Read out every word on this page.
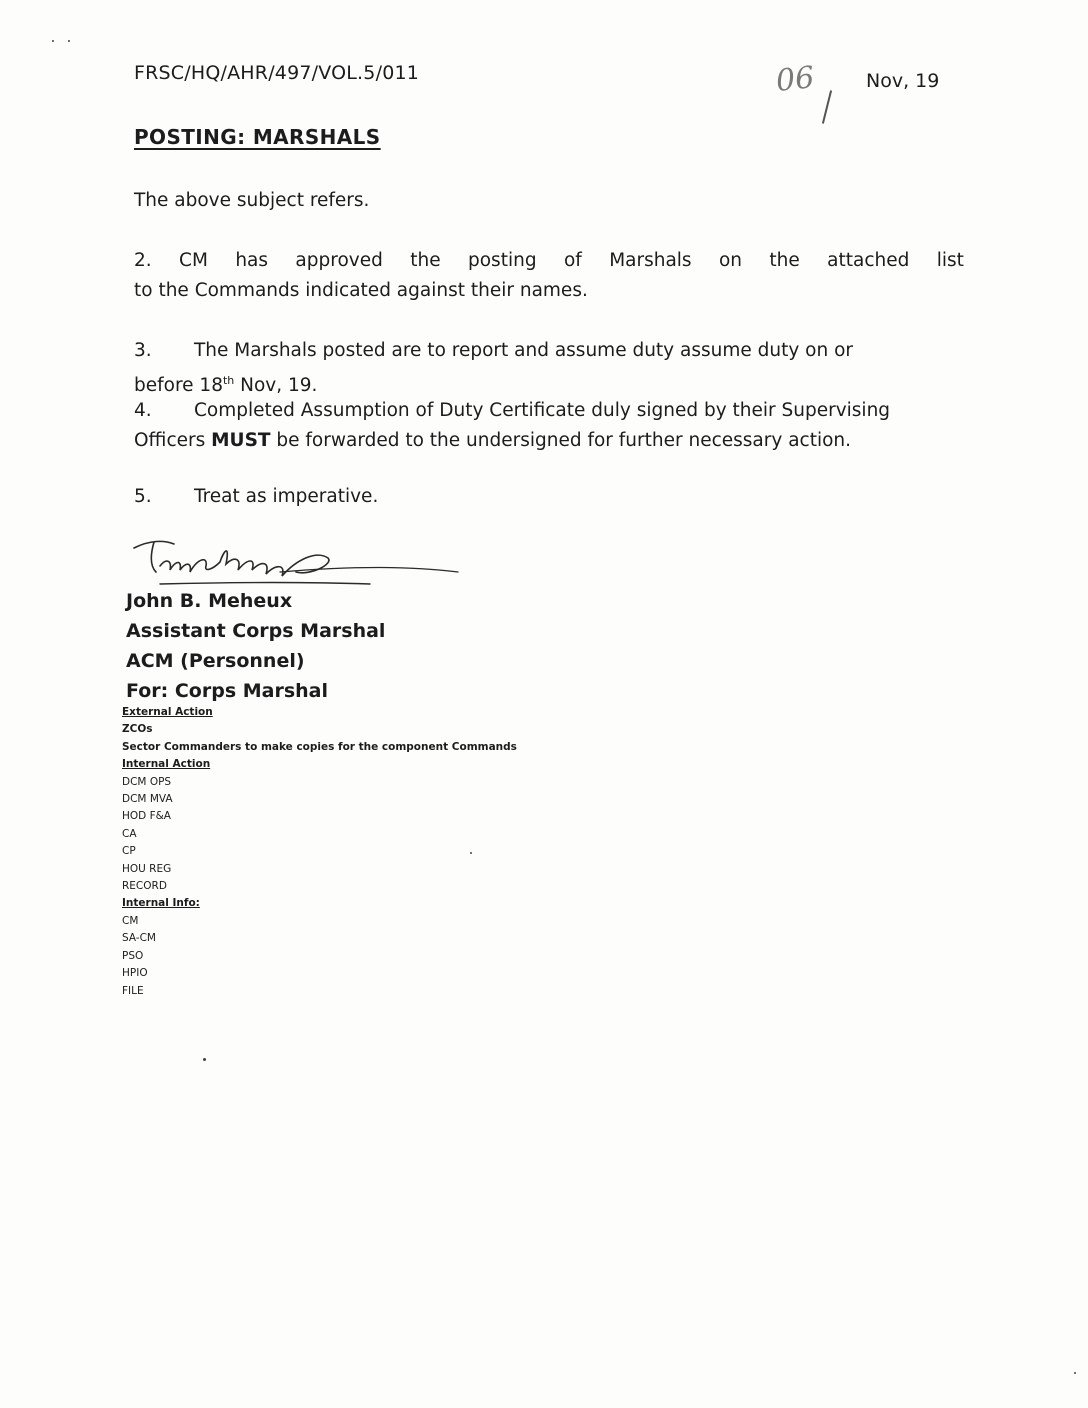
FRSC/HQ/AHR/497/VOL.5/011	06	Nov, 19
POSTING: MARSHALS
The above subject refers.
2. CM has approved the posting of Marshals on the attached list
to the Commands indicated against their names.
3. The Marshals posted are to report and assume duty assume duty on or
before 18th Nov, 19.
4. Completed Assumption of Duty Certificate duly signed by their Supervising
Officers MUST be forwarded to the undersigned for further necessary action.
5. Treat as imperative.
John B. Meheux
Assistant Corps Marshal
ACM (Personnel)
For: Corps Marshal
External Action
ZCOs
Sector Commanders to make copies for the component Commands
Internal Action
DCM OPS
DCM MVA
HOD F&A
CA
CP
HOU REG
RECORD
Internal Info:
CM
SA-CM
PSO
HPIO
FILE
